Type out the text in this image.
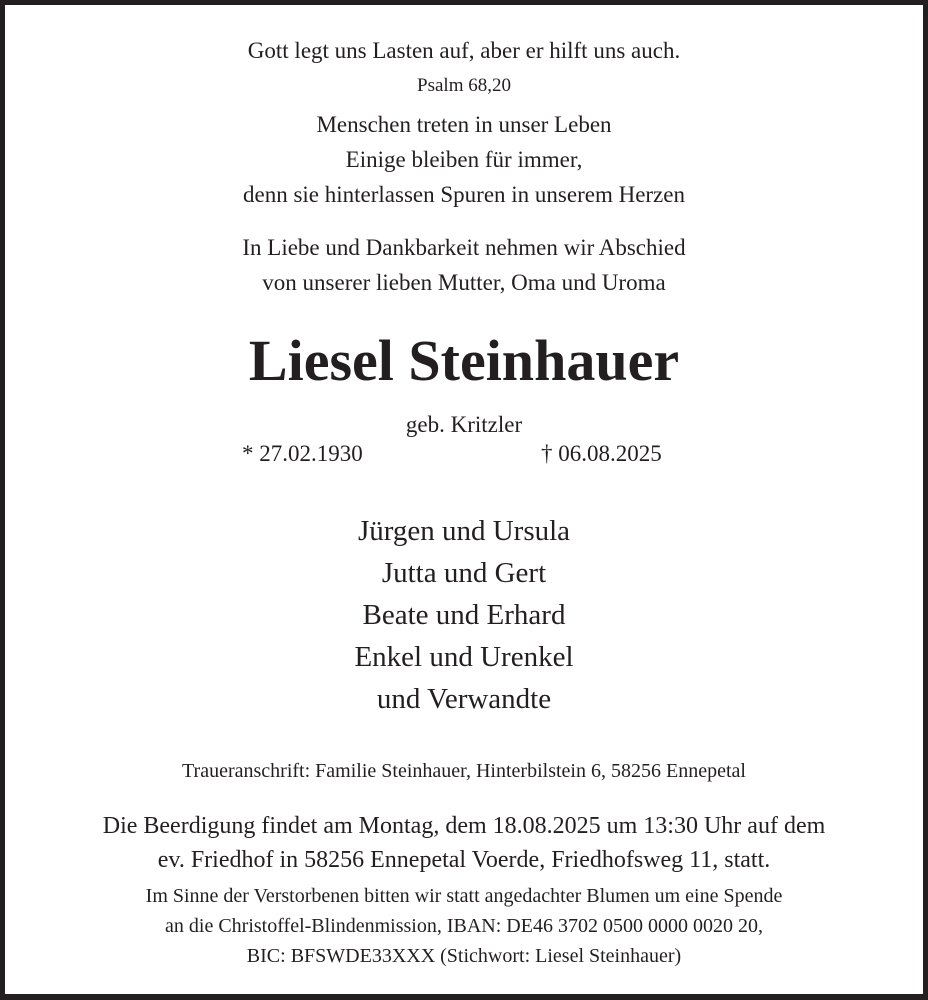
Gott legt uns Lasten auf, aber er hilft uns auch.
Psalm 68,20
Menschen treten in unser Leben
Einige bleiben für immer,
denn sie hinterlassen Spuren in unserem Herzen
In Liebe und Dankbarkeit nehmen wir Abschied
von unserer lieben Mutter, Oma und Uroma
Liesel Steinhauer
geb. Kritzler
* 27.02.1930	† 06.08.2025
Jürgen und Ursula
Jutta und Gert
Beate und Erhard
Enkel und Urenkel
und Verwandte
Traueranschrift: Familie Steinhauer, Hinterbilstein 6, 58256 Ennepetal
Die Beerdigung findet am Montag, dem 18.08.2025 um 13:30 Uhr auf dem
ev. Friedhof in 58256 Ennepetal Voerde, Friedhofsweg 11, statt.
Im Sinne der Verstorbenen bitten wir statt angedachter Blumen um eine Spende
an die Christoffel-Blindenmission, IBAN: DE46 3702 0500 0000 0020 20,
BIC: BFSWDE33XXX (Stichwort: Liesel Steinhauer)
